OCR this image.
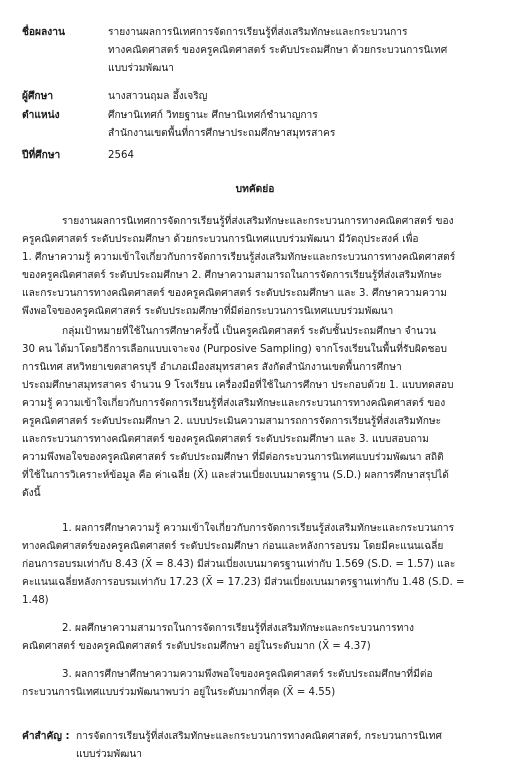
ชื่อผลงาน	รายงานผลการนิเทศการจัดการเรียนรู้ที่ส่งเสริมทักษะและกระบวนการ
ทางคณิตศาสตร์ ของครูคณิตศาสตร์ ระดับประถมศึกษา ด้วยกระบวนการนิเทศ
แบบร่วมพัฒนา
ผู้ศึกษา	นางสาวนฤมล อึ้งเจริญ
ตำแหน่ง	ศึกษานิเทศก์ วิทยฐานะ ศึกษานิเทศก์ชำนาญการ
สำนักงานเขตพื้นที่การศึกษาประถมศึกษาสมุทรสาคร
ปีที่ศึกษา	2564
บทคัดย่อ
รายงานผลการนิเทศการจัดการเรียนรู้ที่ส่งเสริมทักษะและกระบวนการทางคณิตศาสตร์ ของ
ครูคณิตศาสตร์ ระดับประถมศึกษา ด้วยกระบวนการนิเทศแบบร่วมพัฒนา มีวัตถุประสงค์ เพื่อ
1. ศึกษาความรู้ ความเข้าใจเกี่ยวกับการจัดการเรียนรู้ส่งเสริมทักษะและกระบวนการทางคณิตศาสตร์
ของครูคณิตศาสตร์ ระดับประถมศึกษา 2. ศึกษาความสามารถในการจัดการเรียนรู้ที่ส่งเสริมทักษะ
และกระบวนการทางคณิตศาสตร์ ของครูคณิตศาสตร์ ระดับประถมศึกษา และ 3. ศึกษาความความ
พึงพอใจของครูคณิตศาสตร์ ระดับประถมศึกษาที่มีต่อกระบวนการนิเทศแบบร่วมพัฒนา
กลุ่มเป้าหมายที่ใช้ในการศึกษาครั้งนี้ เป็นครูคณิตศาสตร์ ระดับชั้นประถมศึกษา จำนวน
30 คน ได้มาโดยวิธีการเลือกแบบเจาะจง (Purposive Sampling) จากโรงเรียนในพื้นที่รับผิดชอบ
การนิเทศ สหวิทยาเขตสาครบุรี อำเภอเมืองสมุทรสาคร สังกัดสำนักงานเขตพื้นการศึกษา
ประถมศึกษาสมุทรสาคร จำนวน 9 โรงเรียน เครื่องมือที่ใช้ในการศึกษา ประกอบด้วย 1. แบบทดสอบ
ความรู้ ความเข้าใจเกี่ยวกับการจัดการเรียนรู้ที่ส่งเสริมทักษะและกระบวนการทางคณิตศาสตร์ ของ
ครูคณิตศาสตร์ ระดับประถมศึกษา 2. แบบประเมินความสามารถการจัดการเรียนรู้ที่ส่งเสริมทักษะ
และกระบวนการทางคณิตศาสตร์ ของครูคณิตศาสตร์ ระดับประถมศึกษา และ 3. แบบสอบถาม
ความพึงพอใจของครูคณิตศาสตร์ ระดับประถมศึกษา ที่มีต่อกระบวนการนิเทศแบบร่วมพัฒนา สถิติ
ที่ใช้ในการวิเคราะห์ข้อมูล คือ ค่าเฉลี่ย (X̄) และส่วนเบี่ยงเบนมาตรฐาน (S.D.) ผลการศึกษาสรุปได้
ดังนี้
1. ผลการศึกษาความรู้ ความเข้าใจเกี่ยวกับการจัดการเรียนรู้ส่งเสริมทักษะและกระบวนการ
ทางคณิตศาสตร์ของครูคณิตศาสตร์ ระดับประถมศึกษา ก่อนและหลังการอบรม โดยมีคะแนนเฉลี่ย
ก่อนการอบรมเท่ากับ 8.43 (X̄ = 8.43) มีส่วนเบี่ยงเบนมาตรฐานเท่ากับ 1.569 (S.D. = 1.57) และ
คะแนนเฉลี่ยหลังการอบรมเท่ากับ 17.23 (X̄ = 17.23) มีส่วนเบี่ยงเบนมาตรฐานเท่ากับ 1.48 (S.D. =
1.48)
2. ผลศึกษาความสามารถในการจัดการเรียนรู้ที่ส่งเสริมทักษะและกระบวนการทาง
คณิตศาสตร์ ของครูคณิตศาสตร์ ระดับประถมศึกษา อยู่ในระดับมาก (X̄ = 4.37)
3. ผลการศึกษาศึกษาความความพึงพอใจของครูคณิตศาสตร์ ระดับประถมศึกษาที่มีต่อ
กระบวนการนิเทศแบบร่วมพัฒนาพบว่า อยู่ในระดับมากที่สุด (X̄ = 4.55)
คำสำคัญ : การจัดการเรียนรู้ที่ส่งเสริมทักษะและกระบวนการทางคณิตศาสตร์, กระบวนการนิเทศ
แบบร่วมพัฒนา
